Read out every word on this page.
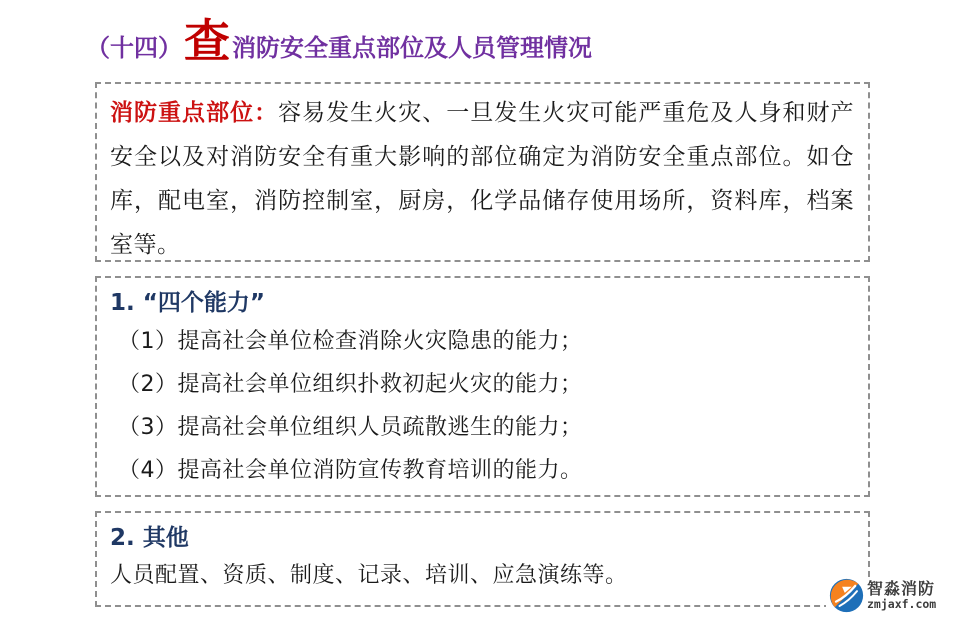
（十四） 查 消防安全重点部位及人员管理情况

消防重点部位：容易发生火灾、一旦发生火灾可能严重危及人身和财产安全以及对消防安全有重大影响的部位确定为消防安全重点部位。如仓库，配电室，消防控制室，厨房，化学品储存使用场所，资料库，档案室等。

1. “四个能力”
（1）提高社会单位检查消除火灾隐患的能力；
（2）提高社会单位组织扑救初起火灾的能力；
（3）提高社会单位组织人员疏散逃生的能力；
（4）提高社会单位消防宣传教育培训的能力。
2. 其他
人员配置、资质、制度、记录、培训、应急演练等。
智淼消防
zmjaxf.com
